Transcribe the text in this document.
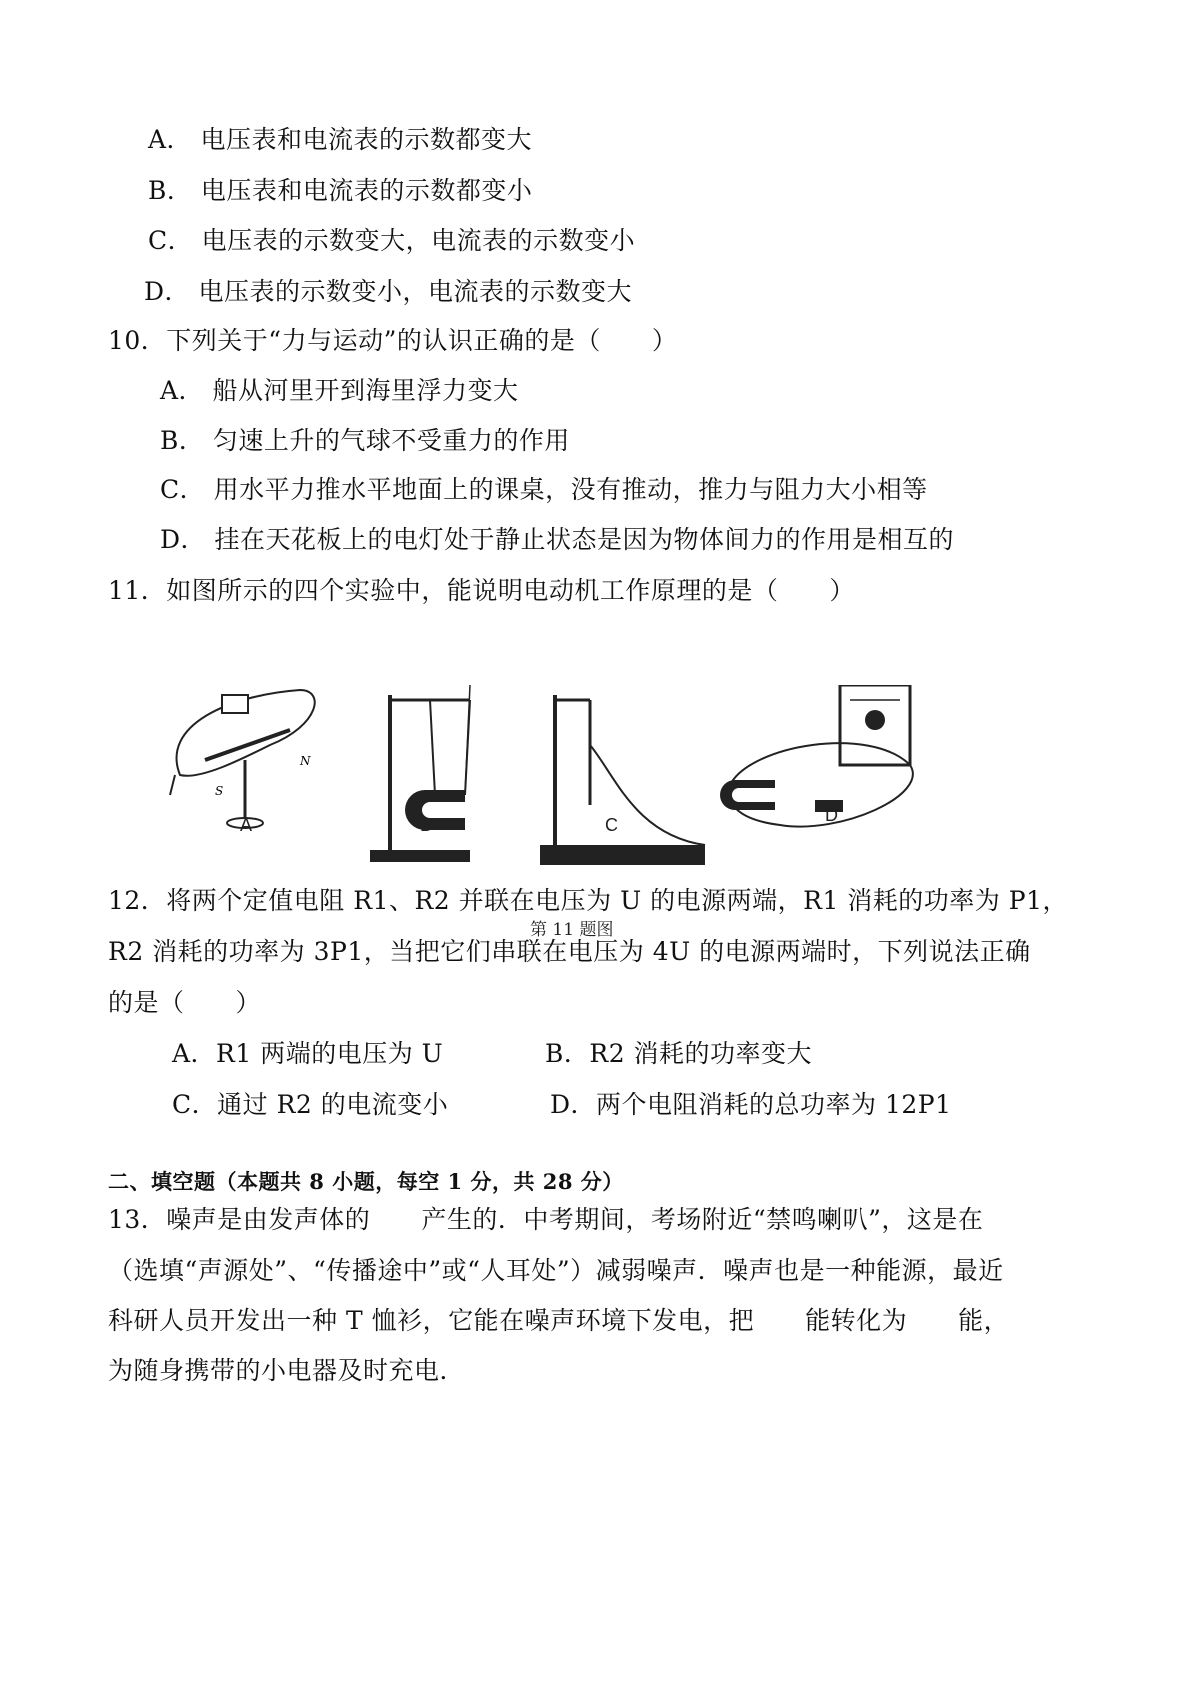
A． 电压表和电流表的示数都变大
B． 电压表和电流表的示数都变小
C． 电压表的示数变大，电流表的示数变小
D． 电压表的示数变小，电流表的示数变大
10．下列关于“力与运动”的认识正确的是（　　）
A． 船从河里开到海里浮力变大
B． 匀速上升的气球不受重力的作用
C． 用水平力推水平地面上的课桌，没有推动，推力与阻力大小相等
D． 挂在天花板上的电灯处于静止状态是因为物体间力的作用是相互的
11．如图所示的四个实验中，能说明电动机工作原理的是（　　）
S
N
A	B	C	D
第 11 题图
12．将两个定值电阻 R1、R2 并联在电压为 U 的电源两端，R1 消耗的功率为 P1，
R2 消耗的功率为 3P1，当把它们串联在电压为 4U 的电源两端时，下列说法正确
的是（　　）
A．R1 两端的电压为 U	B．R2 消耗的功率变大
C．通过 R2 的电流变小	D．两个电阻消耗的总功率为 12P1
二、填空题（本题共 8 小题，每空 1 分，共 28 分）
13．噪声是由发声体的　　产生的．中考期间，考场附近“禁鸣喇叭”，这是在
（选填“声源处”、“传播途中”或“人耳处”）减弱噪声．噪声也是一种能源，最近
科研人员开发出一种 T 恤衫，它能在噪声环境下发电，把　　能转化为　　能，
为随身携带的小电器及时充电．
